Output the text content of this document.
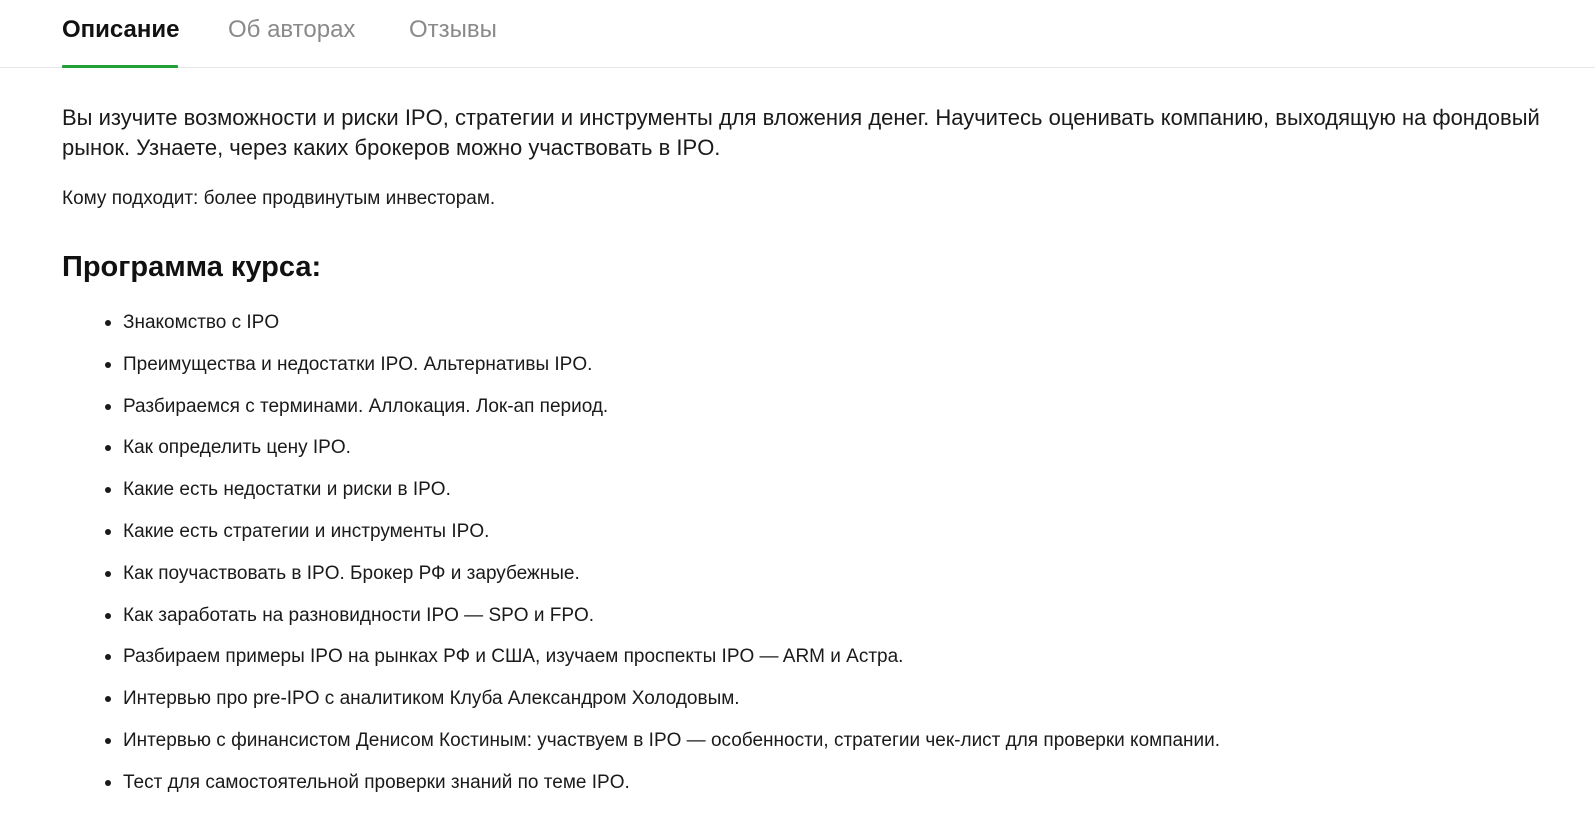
Описание Об авторах Отзывы

Вы изучите возможности и риски IPO, стратегии и инструменты для вложения денег. Научитесь оценивать компанию, выходящую на фондовый рынок. Узнаете, через каких брокеров можно участвовать в IPO.

Кому подходит: более продвинутым инвесторам.

Программа курса:
Знакомство с IPO
Преимущества и недостатки IPO. Альтернативы IPO.
Разбираемся с терминами. Аллокация. Лок-ап период.
Как определить цену IPO.
Какие есть недостатки и риски в IPO.
Какие есть стратегии и инструменты IPO.
Как поучаствовать в IPO. Брокер РФ и зарубежные.
Как заработать на разновидности IPO — SPO и FPO.
Разбираем примеры IPO на рынках РФ и США, изучаем проспекты IPO — ARM и Астра.
Интервью про pre-IPO с аналитиком Клуба Александром Холодовым.
Интервью с финансистом Денисом Костиным: участвуем в IPO — особенности, стратегии чек-лист для проверки компании.
Тест для самостоятельной проверки знаний по теме IPO.
